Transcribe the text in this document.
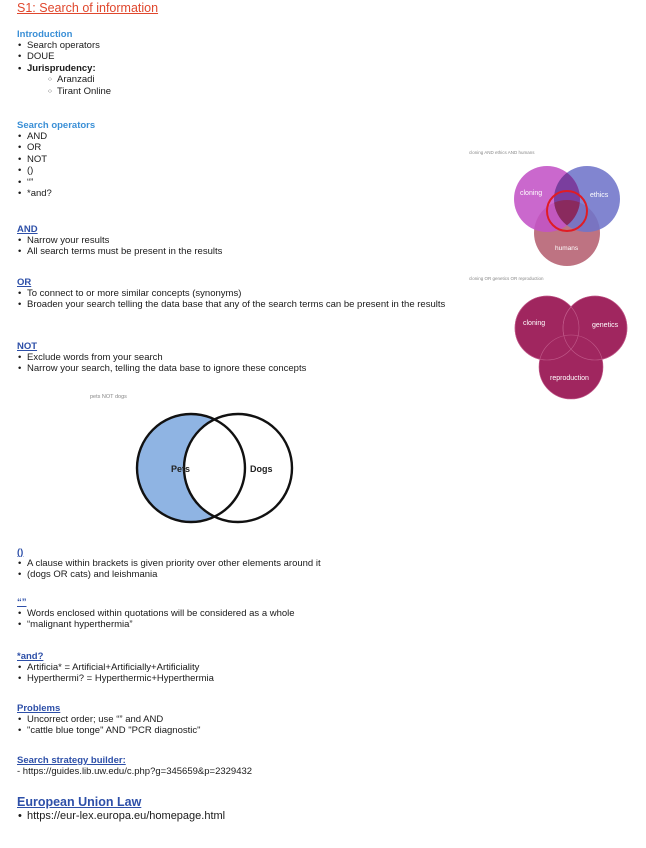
S1: Search of information
Introduction
• Search operators
• DOUE
• Jurisprudency:
○ Aranzadi
○ Tirant Online
Search operators
• AND
• OR
• NOT
• ()
• “”
• *and?
AND
• Narrow your results
• All search terms must be present in the results
OR
• To connect to or more similar concepts (synonyms)
• Broaden your search telling the data base that any of the search terms can be present in the results
NOT
• Exclude words from your search
• Narrow your search, telling the data base to ignore these concepts
pets NOT dogs
Pets	Dogs
cloning AND ethics AND humans
cloning	ethics
humans
cloning OR genetics OR reproduction
cloning	genetics
reproduction
()
• A clause within brackets is given priority over other elements around it
• (dogs OR cats) and leishmania
“”
• Words enclosed within quotations will be considered as a whole
• “malignant hyperthermia”
*and?
• Artificia* = Artificial+Artificially+Artificiality
• Hyperthermi? = Hyperthermic+Hyperthermia
Problems
• Uncorrect order; use “” and AND
• "cattle blue tonge" AND "PCR diagnostic"
Search strategy builder:
- https://guides.lib.uw.edu/c.php?g=345659&p=2329432
European Union Law
• https://eur-lex.europa.eu/homepage.html
